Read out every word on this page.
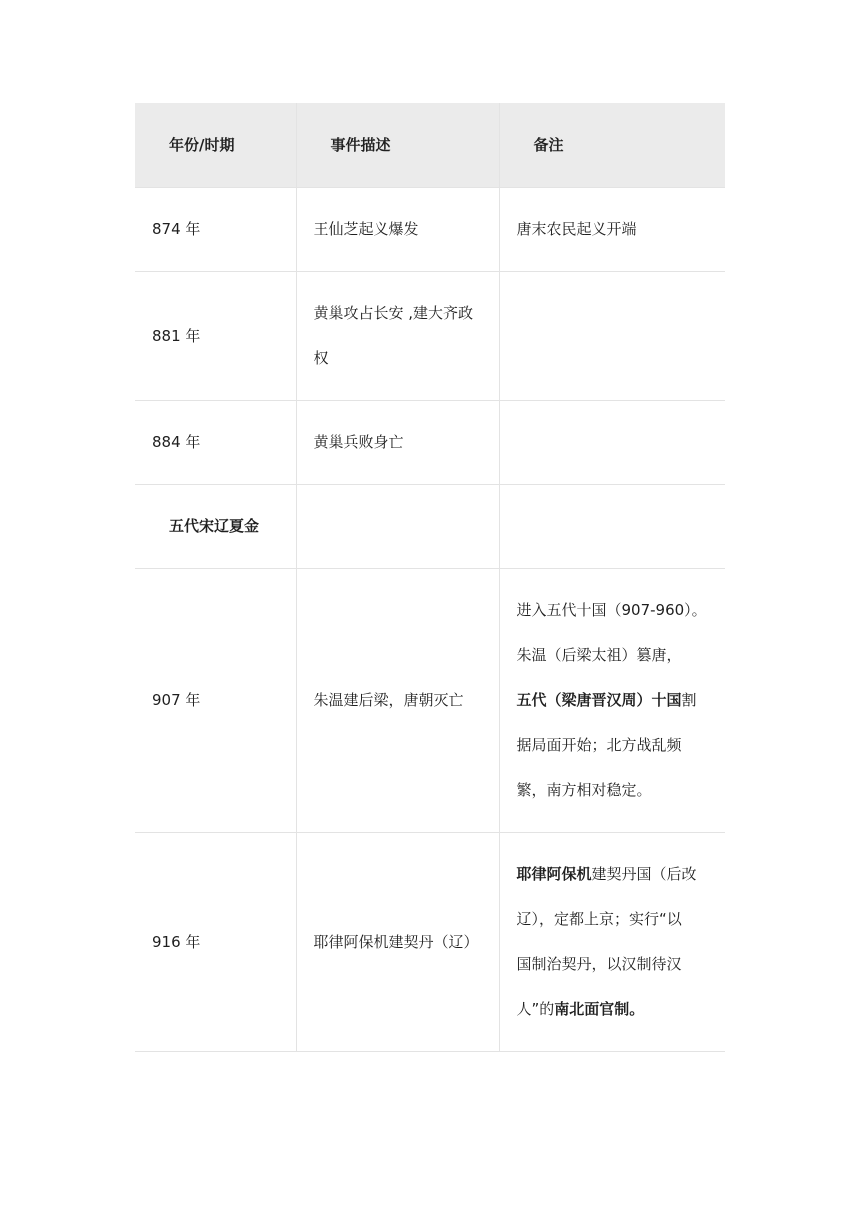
年份/时期	事件描述	备注
874 年	王仙芝起义爆发	唐末农民起义开端
881 年	黄巢攻占长安 ,建大齐政
权	

884 年	黄巢兵败身亡	
五代宋辽夏金		
907 年	朱温建后梁，唐朝灭亡	进入五代十国（907-960）。
朱温（后梁太祖）篡唐，
五代（梁唐晋汉周）十国割
据局面开始；北方战乱频
繁，南方相对稳定。

916 年	耶律阿保机建契丹（辽）	耶律阿保机建契丹国（后改
辽），定都上京；实行“以
国制治契丹，以汉制待汉
人”的南北面官制。
